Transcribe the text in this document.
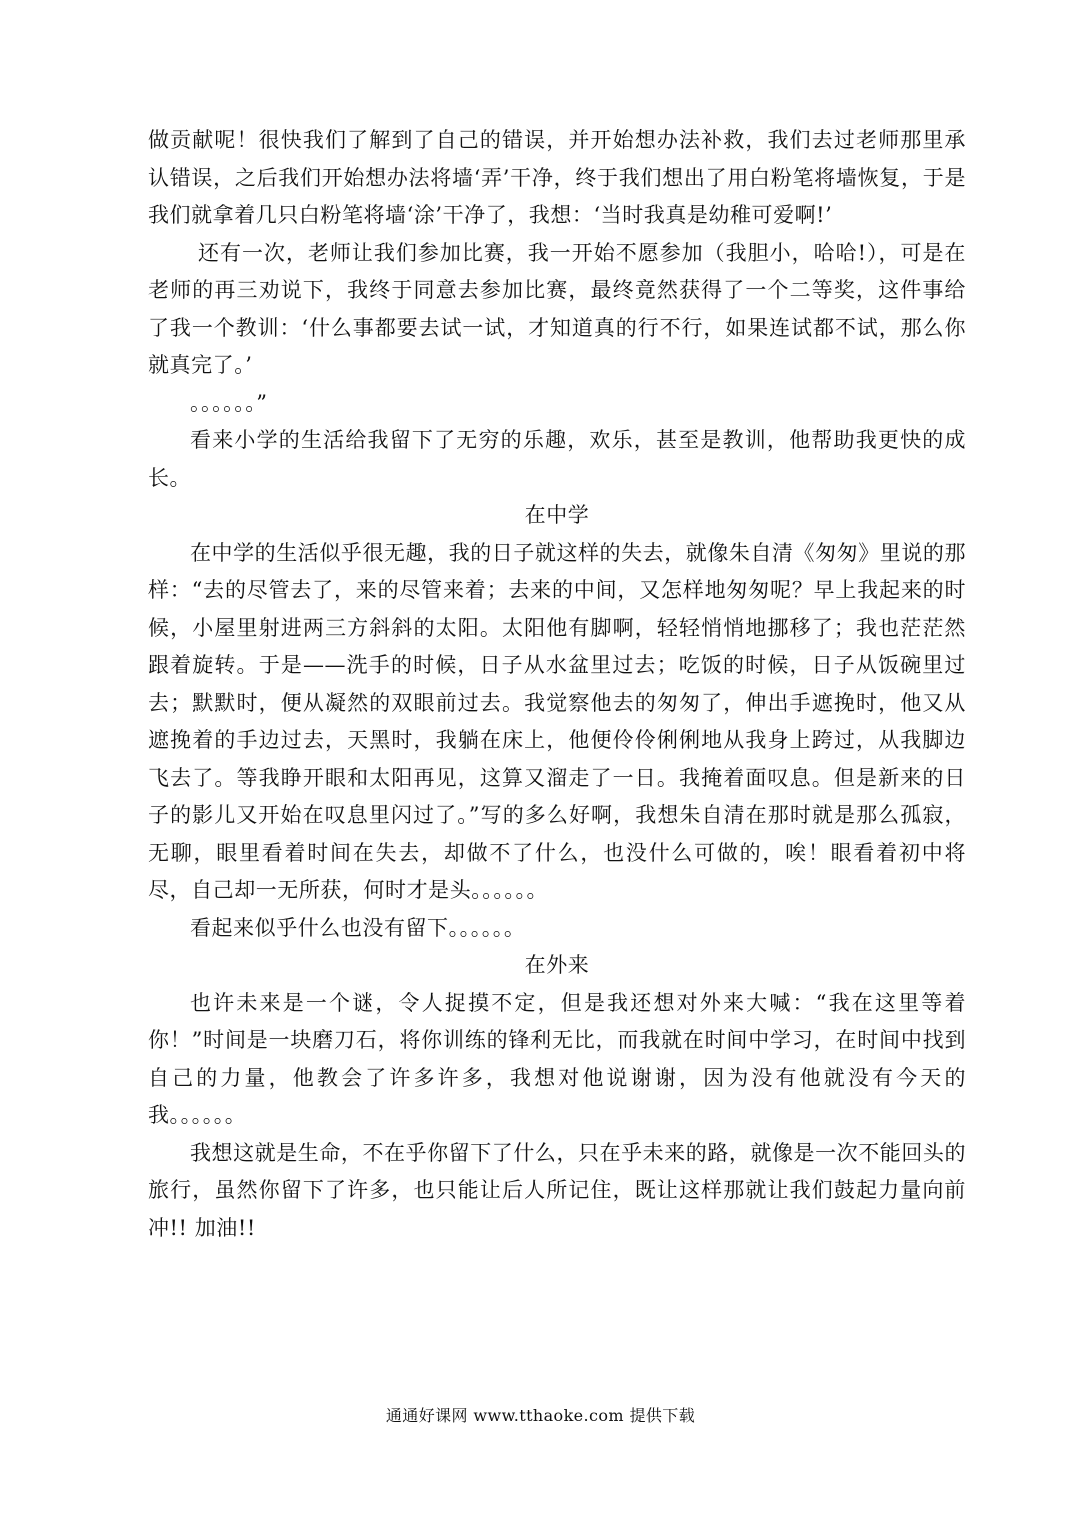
做贡献呢！很快我们了解到了自己的错误，并开始想办法补救，我们去过老师那里承认错误，之后我们开始想办法将墙‘弄’干净，终于我们想出了用白粉笔将墙恢复，于是我们就拿着几只白粉笔将墙‘涂’干净了，我想：‘当时我真是幼稚可爱啊!’

还有一次，老师让我们参加比赛，我一开始不愿参加（我胆小，哈哈!），可是在老师的再三劝说下，我终于同意去参加比赛，最终竟然获得了一个二等奖，这件事给了我一个教训：‘什么事都要去试一试，才知道真的行不行，如果连试都不试，那么你就真完了。’

。。。。。。”

看来小学的生活给我留下了无穷的乐趣，欢乐，甚至是教训，他帮助我更快的成长。

在中学

在中学的生活似乎很无趣，我的日子就这样的失去，就像朱自清《匆匆》里说的那样：“去的尽管去了，来的尽管来着；去来的中间，又怎样地匆匆呢？早上我起来的时候，小屋里射进两三方斜斜的太阳。太阳他有脚啊，轻轻悄悄地挪移了；我也茫茫然跟着旋转。于是——洗手的时候，日子从水盆里过去；吃饭的时候，日子从饭碗里过去；默默时，便从凝然的双眼前过去。我觉察他去的匆匆了，伸出手遮挽时，他又从遮挽着的手边过去，天黑时，我躺在床上，他便伶伶俐俐地从我身上跨过，从我脚边飞去了。等我睁开眼和太阳再见，这算又溜走了一日。我掩着面叹息。但是新来的日子的影儿又开始在叹息里闪过了。”写的多么好啊，我想朱自清在那时就是那么孤寂，无聊，眼里看着时间在失去，却做不了什么，也没什么可做的，唉！眼看着初中将尽，自己却一无所获，何时才是头。。。。。。

看起来似乎什么也没有留下。。。。。。

在外来

也许未来是一个谜，令人捉摸不定，但是我还想对外来大喊：“我在这里等着你！”时间是一块磨刀石，将你训练的锋利无比，而我就在时间中学习，在时间中找到自己的力量，他教会了许多许多，我想对他说谢谢，因为没有他就没有今天的我。。。。。。

我想这就是生命，不在乎你留下了什么，只在乎未来的路，就像是一次不能回头的旅行，虽然你留下了许多，也只能让后人所记住，既让这样那就让我们鼓起力量向前冲!! 加油!!

通通好课网 www.tthaoke.com 提供下载
